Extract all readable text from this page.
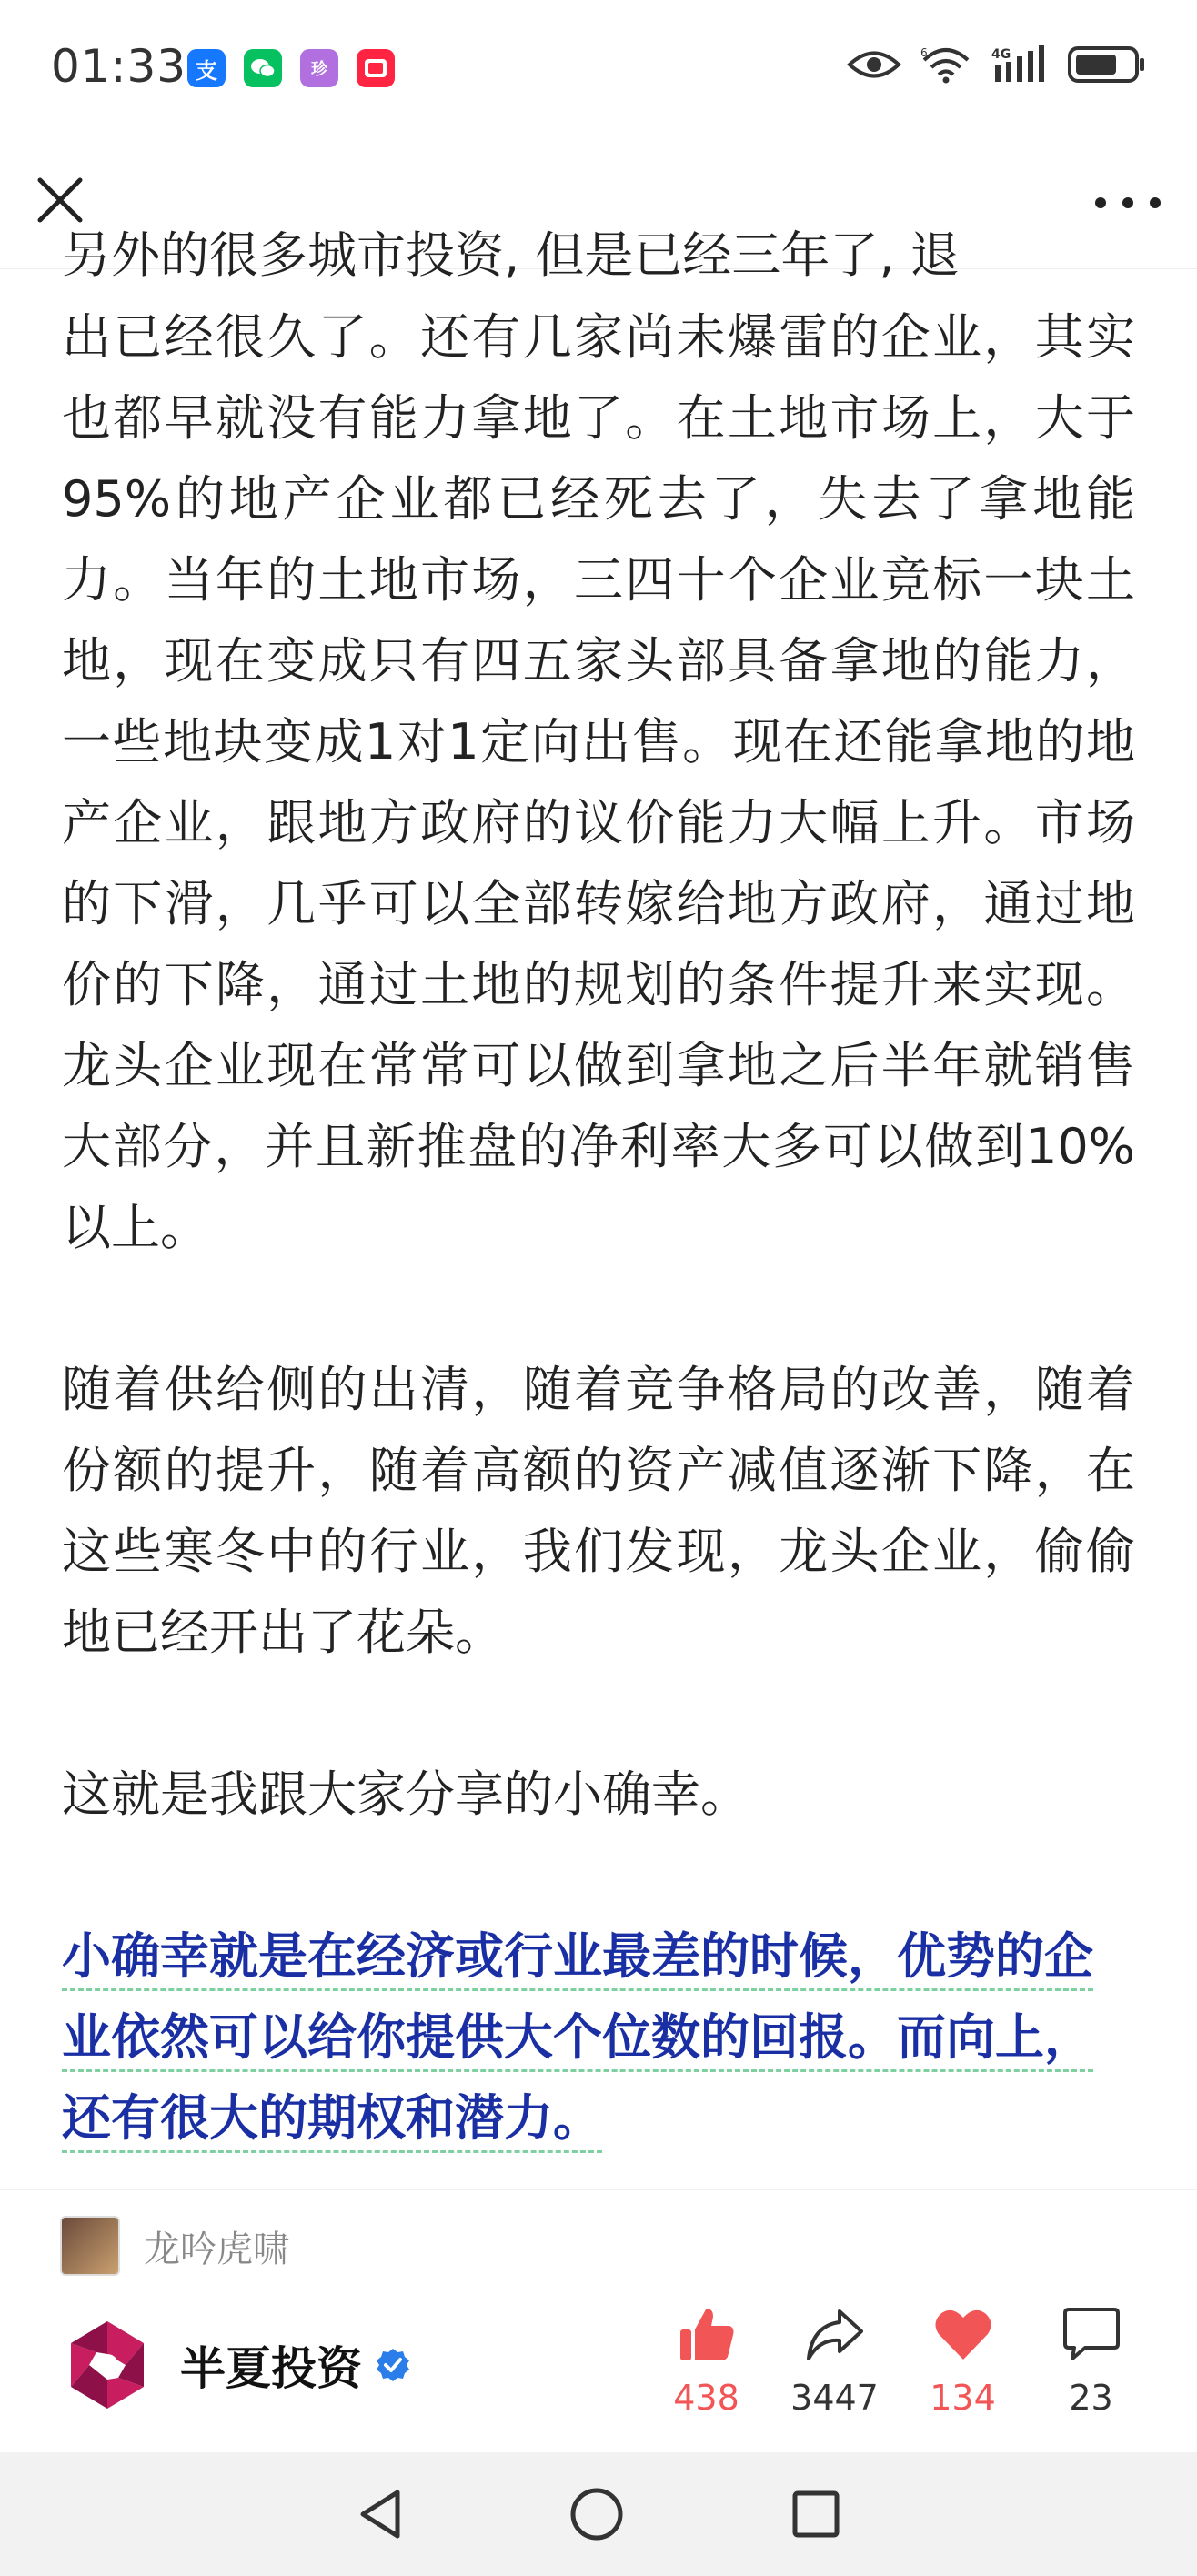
01:33 支	珍
6	4G
另外的很多城市投资, 但是已经三年了, 退

出已经很久了。还有几家尚未爆雷的企业，其实也都早就没有能力拿地了。在土地市场上，大于95%的地产企业都已经死去了，失去了拿地能力。当年的土地市场，三四十个企业竞标一块土地，现在变成只有四五家头部具备拿地的能力，一些地块变成1对1定向出售。现在还能拿地的地产企业，跟地方政府的议价能力大幅上升。市场的下滑，几乎可以全部转嫁给地方政府，通过地价的下降，通过土地的规划的条件提升来实现。龙头企业现在常常可以做到拿地之后半年就销售大部分，并且新推盘的净利率大多可以做到10%以上。

随着供给侧的出清，随着竞争格局的改善，随着份额的提升，随着高额的资产减值逐渐下降，在这些寒冬中的行业，我们发现，龙头企业，偷偷地已经开出了花朵。

这就是我跟大家分享的小确幸。

小确幸就是在经济或行业最差的时候，优势的企业依然可以给你提供大个位数的回报。而向上，还有很大的期权和潜力。

龙吟虎啸
半夏投资
438 3447 134 23
